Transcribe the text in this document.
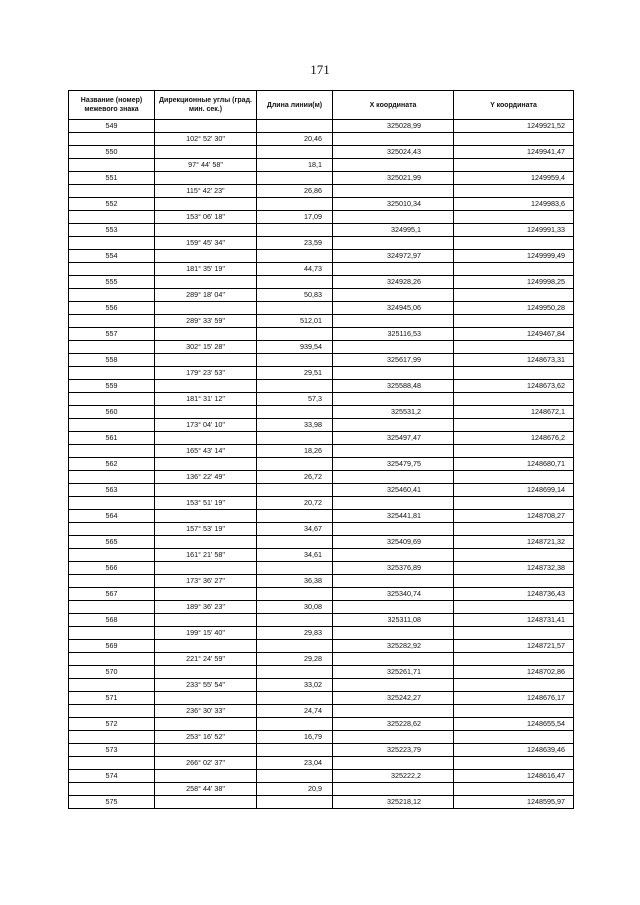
171
Название (номер) межевого знака	Дирекционные углы (град. мин. сек.)	Длина линии(м)	X координата	Y координата
549			325028,99	1249921,52
	102° 52' 30"	20,46		
550			325024,43	1249941,47
	97° 44' 58"	18,1		
551			325021,99	1249959,4
	115° 42' 23"	26,86		
552			325010,34	1249983,6
	153° 06' 18"	17,09		
553			324995,1	1249991,33
	159° 45' 34"	23,59		
554			324972,97	1249999,49
	181° 35' 19"	44,73		
555			324928,26	1249998,25
	289° 18' 04"	50,83		
556			324945,06	1249950,28
	289° 33' 59"	512,01		
557			325116,53	1249467,84
	302° 15' 28"	939,54		
558			325617,99	1248673,31
	179° 23' 53"	29,51		
559			325588,48	1248673,62
	181° 31' 12"	57,3		
560			325531,2	1248672,1
	173° 04' 10"	33,98		
561			325497,47	1248676,2
	165° 43' 14"	18,26		
562			325479,75	1248680,71
	136° 22' 49"	26,72		
563			325460,41	1248699,14
	153° 51' 19"	20,72		
564			325441,81	1248708,27
	157° 53' 19"	34,67		
565			325409,69	1248721,32
	161° 21' 58"	34,61		
566			325376,89	1248732,38
	173° 36' 27"	36,38		
567			325340,74	1248736,43
	189° 36' 23"	30,08		
568			325311,08	1248731,41
	199° 15' 40"	29,83		
569			325282,92	1248721,57
	221° 24' 59"	29,28		
570			325261,71	1248702,86
	233° 55' 54"	33,02		
571			325242,27	1248676,17
	236° 30' 33"	24,74		
572			325228,62	1248655,54
	253° 16' 52"	16,79		
573			325223,79	1248639,46
	266° 02' 37"	23,04		
574			325222,2	1248616,47
	258° 44' 38"	20,9		
575			325218,12	1248595,97
